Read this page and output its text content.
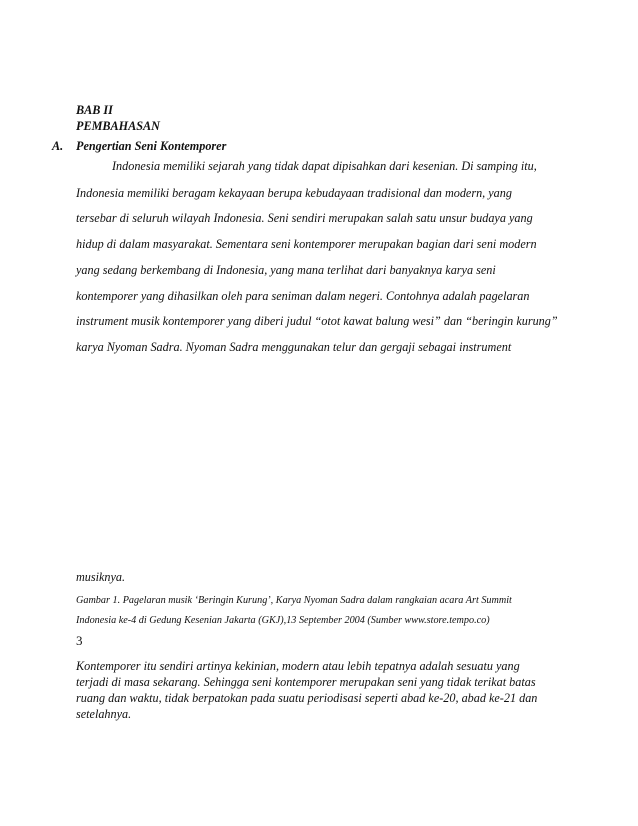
BAB II
PEMBAHASAN
A. Pengertian Seni Kontemporer
Indonesia memiliki sejarah yang tidak dapat dipisahkan dari kesenian. Di samping itu,
Indonesia memiliki beragam kekayaan berupa kebudayaan tradisional dan modern, yang
tersebar di seluruh wilayah Indonesia. Seni sendiri merupakan salah satu unsur budaya yang
hidup di dalam masyarakat. Sementara seni kontemporer merupakan bagian dari seni modern
yang sedang berkembang di Indonesia, yang mana terlihat dari banyaknya karya seni
kontemporer yang dihasilkan oleh para seniman dalam negeri. Contohnya adalah pagelaran
instrument musik kontemporer yang diberi judul “otot kawat balung wesi” dan “beringin kurung”
karya Nyoman Sadra. Nyoman Sadra menggunakan telur dan gergaji sebagai instrument
musiknya.
Gambar 1. Pagelaran musik ‘Beringin Kurung’, Karya Nyoman Sadra dalam rangkaian acara Art Summit
Indonesia ke-4 di Gedung Kesenian Jakarta (GKJ),13 September 2004 (Sumber www.store.tempo.co)
3
Kontemporer itu sendiri artinya kekinian, modern atau lebih tepatnya adalah sesuatu yang
terjadi di masa sekarang. Sehingga seni kontemporer merupakan seni yang tidak terikat batas
ruang dan waktu, tidak berpatokan pada suatu periodisasi seperti abad ke-20, abad ke-21 dan
setelahnya.
